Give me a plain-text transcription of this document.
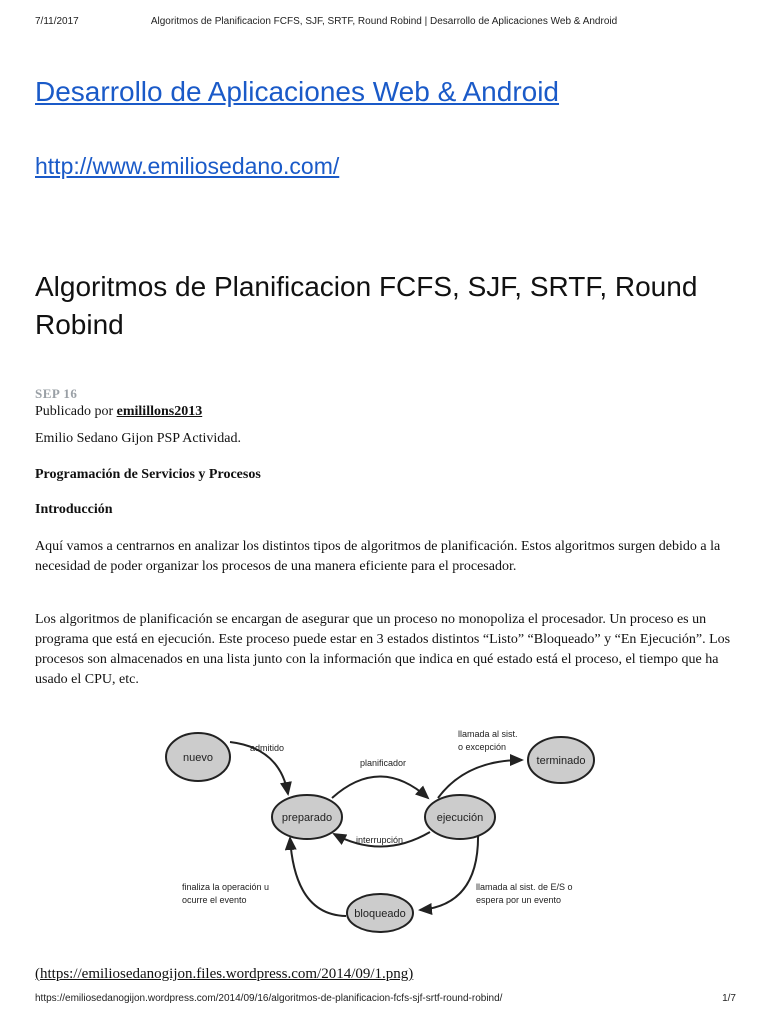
7/11/2017	Algoritmos de Planificacion FCFS, SJF, SRTF, Round Robind | Desarrollo de Aplicaciones Web & Android
Desarrollo de Aplicaciones Web & Android
http://www.emiliosedano.com/
Algoritmos de Planificacion FCFS, SJF, SRTF, Round Robind
SEP 16
Publicado por emilillons2013
Emilio Sedano Gijon PSP Actividad.
Programación de Servicios y Procesos
Introducción

Aquí vamos a centrarnos en analizar los distintos tipos de algoritmos de planificación. Estos algoritmos surgen debido a la necesidad de poder organizar los procesos de una manera eficiente para el procesador.

Los algoritmos de planificación se encargan de asegurar que un proceso no monopoliza el procesador. Un proceso es un programa que está en ejecución. Este proceso puede estar en 3 estados distintos “Listo” “Bloqueado” y “En Ejecución”. Los procesos son almacenados en una lista junto con la información que indica en qué estado está el proceso, el tiempo que ha usado el CPU, etc.

nuevo
preparado	ejecución
terminado
bloqueado
admitido
planificador
interrupción
llamada al sist.
o excepción
llamada al sist. de E/S o
espera por un evento
finaliza la operación u
ocurre el evento
(https://emiliosedanogijon.files.wordpress.com/2014/09/1.png)
https://emiliosedanogijon.wordpress.com/2014/09/16/algoritmos-de-planificacion-fcfs-sjf-srtf-round-robind/	1/7
